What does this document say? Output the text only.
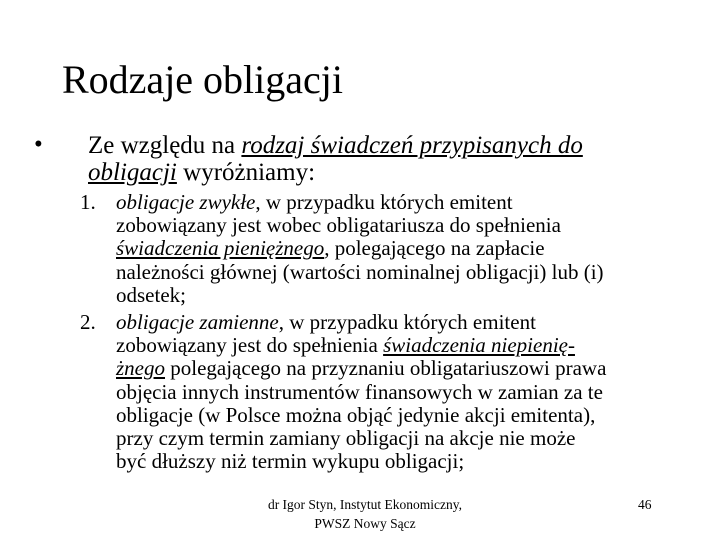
Rodzaje obligacji
• Ze względu na rodzaj świadczeń przypisanych do
obligacji wyróżniamy:
1. obligacje zwykłe, w przypadku których emitent
zobowiązany jest wobec obligatariusza do spełnienia
świadczenia pieniężnego, polegającego na zapłacie
należności głównej (wartości nominalnej obligacji) lub (i)
odsetek;
2. obligacje zamienne, w przypadku których emitent
zobowiązany jest do spełnienia świadczenia niepienię-
żnego polegającego na przyznaniu obligatariuszowi prawa
objęcia innych instrumentów finansowych w zamian za te
obligacje (w Polsce można objąć jedynie akcji emitenta),
przy czym termin zamiany obligacji na akcje nie może
być dłuższy niż termin wykupu obligacji;
dr Igor Styn, Instytut Ekonomiczny,
PWSZ Nowy Sącz
46
